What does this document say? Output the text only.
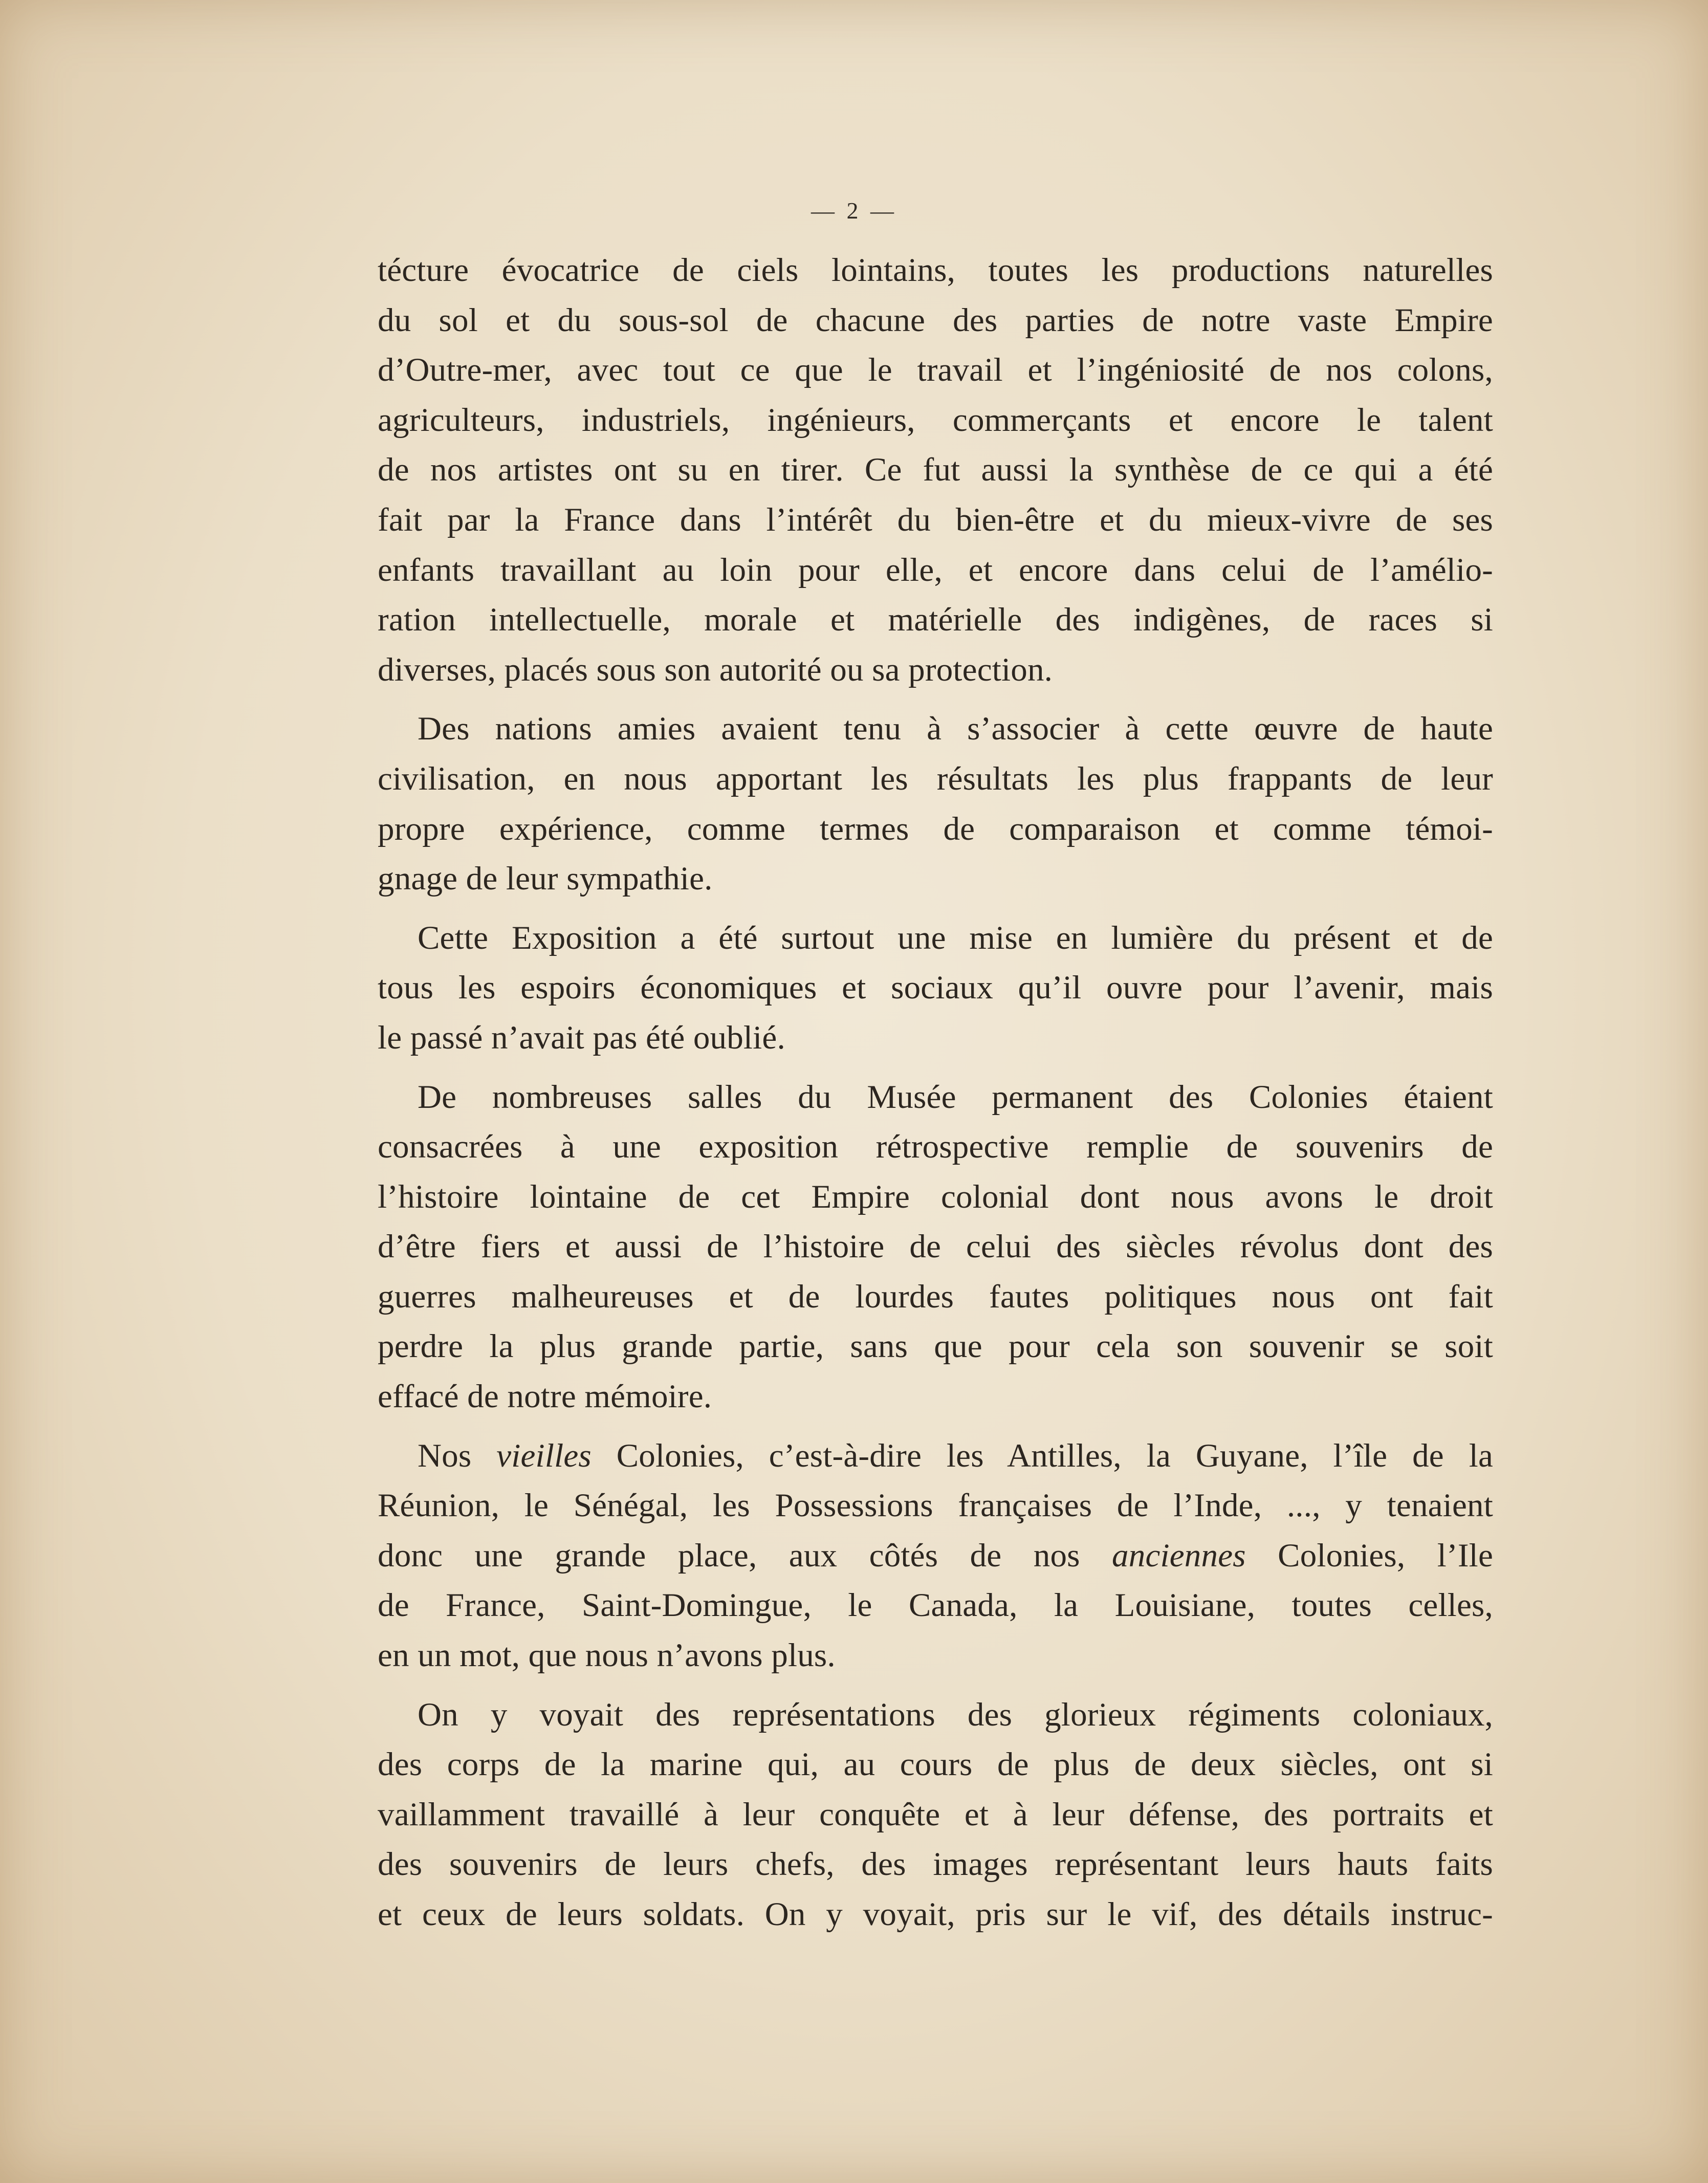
— 2 —
técture évocatrice de ciels lointains, toutes les productions naturelles
du sol et du sous-sol de chacune des parties de notre vaste Empire
d’Outre-mer, avec tout ce que le travail et l’ingéniosité de nos colons,
agriculteurs, industriels, ingénieurs, commerçants et encore le talent
de nos artistes ont su en tirer. Ce fut aussi la synthèse de ce qui a été
fait par la France dans l’intérêt du bien-être et du mieux-vivre de ses
enfants travaillant au loin pour elle, et encore dans celui de l’amélio-
ration intellectuelle, morale et matérielle des indigènes, de races si
diverses, placés sous son autorité ou sa protection.
Des nations amies avaient tenu à s’associer à cette œuvre de haute
civilisation, en nous apportant les résultats les plus frappants de leur
propre expérience, comme termes de comparaison et comme témoi-
gnage de leur sympathie.
Cette Exposition a été surtout une mise en lumière du présent et de
tous les espoirs économiques et sociaux qu’il ouvre pour l’avenir, mais
le passé n’avait pas été oublié.
De nombreuses salles du Musée permanent des Colonies étaient
consacrées à une exposition rétrospective remplie de souvenirs de
l’histoire lointaine de cet Empire colonial dont nous avons le droit
d’être fiers et aussi de l’histoire de celui des siècles révolus dont des
guerres malheureuses et de lourdes fautes politiques nous ont fait
perdre la plus grande partie, sans que pour cela son souvenir se soit
effacé de notre mémoire.
Nos vieilles Colonies, c’est-à-dire les Antilles, la Guyane, l’île de la
Réunion, le Sénégal, les Possessions françaises de l’Inde, ..., y tenaient
donc une grande place, aux côtés de nos anciennes Colonies, l’Ile
de France, Saint-Domingue, le Canada, la Louisiane, toutes celles,
en un mot, que nous n’avons plus.
On y voyait des représentations des glorieux régiments coloniaux,
des corps de la marine qui, au cours de plus de deux siècles, ont si
vaillamment travaillé à leur conquête et à leur défense, des portraits et
des souvenirs de leurs chefs, des images représentant leurs hauts faits
et ceux de leurs soldats. On y voyait, pris sur le vif, des détails instruc-
